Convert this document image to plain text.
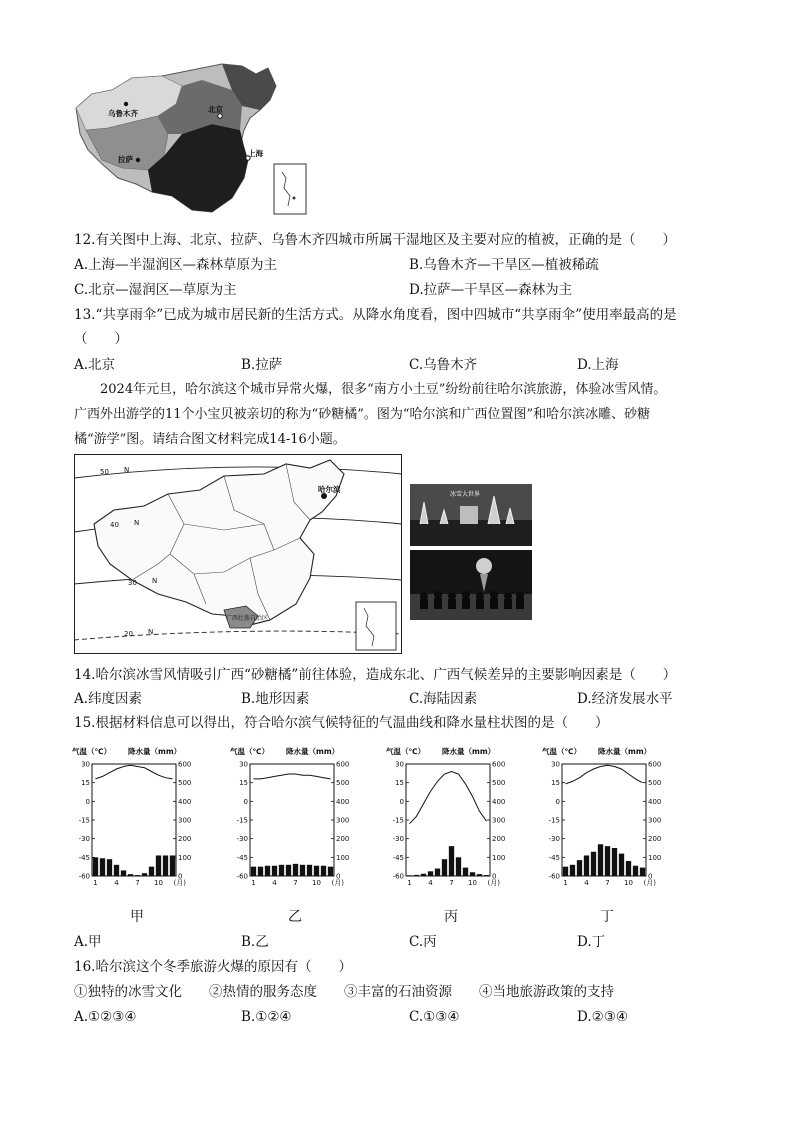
乌鲁木齐	北京
拉萨
上海
12.有关图中上海、北京、拉萨、乌鲁木齐四城市所属干湿地区及主要对应的植被，正确的是（　　）
A.上海—半湿润区—森林草原为主	B.乌鲁木齐—干旱区—植被稀疏
C.北京—湿润区—草原为主	D.拉萨—干旱区—森林为主
13.“共享雨伞”已成为城市居民新的生活方式。从降水角度看，图中四城市“共享雨伞”使用率最高的是
（　　）
A.北京	B.拉萨	C.乌鲁木齐	D.上海
2024年元旦，哈尔滨这个城市异常火爆，很多“南方小土豆”纷纷前往哈尔滨旅游，体验冰雪风情。
广西外出游学的11个小宝贝被亲切的称为“砂糖橘”。图为“哈尔滨和广西位置图”和哈尔滨冰雕、砂糖
橘“游学”图。请结合图文材料完成14-16小题。
50 N
40 N
30 N
20 N
哈尔滨
广西壮族自治区
冰雪大世界
14.哈尔滨冰雪风情吸引广西“砂糖橘”前往体验，造成东北、广西气候差异的主要影响因素是（　　）
A.纬度因素	B.地形因素	C.海陆因素	D.经济发展水平
15.根据材料信息可以得出，符合哈尔滨气候特征的气温曲线和降水量柱状图的是（　　）
气温（℃） 降水量（mm）
30
15
0
-15
-30
-45
-60
600
500
400
300
200
100
0
1 4 7 10 (月)
气温（℃） 降水量（mm）
30
15
0
-15
-30
-45
-60
600
500
400
300
200
100
0
1 4 7 10 (月)
气温（℃） 降水量（mm）
30
15
0
-15
-30
-45
-60
600
500
400
300
200
100
0
1 4 7 10 (月)
气温（℃） 降水量（mm）
30
15
0
-15
-30
-45
-60
600
500
400
300
200
100
0
1 4 7 10 (月)
甲	乙	丙	丁
A.甲	B.乙	C.丙	D.丁
16.哈尔滨这个冬季旅游火爆的原因有（　　）
①独特的冰雪文化　　②热情的服务态度　　③丰富的石油资源　　④当地旅游政策的支持
A.①②③④	B.①②④	C.①③④	D.②③④
